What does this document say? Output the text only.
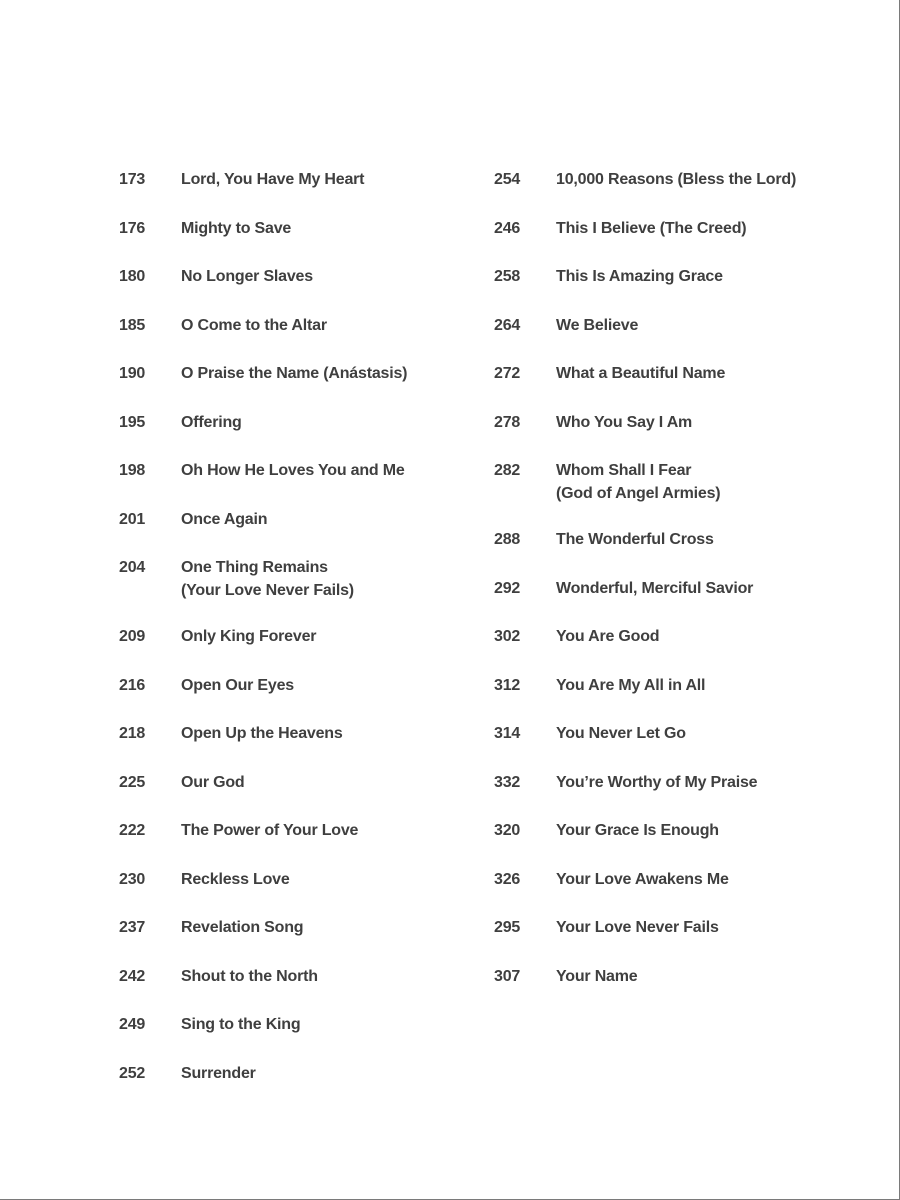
173	Lord, You Have My Heart
176	Mighty to Save
180	No Longer Slaves
185	O Come to the Altar
190	O Praise the Name (Anástasis)
195	Offering
198	Oh How He Loves You and Me
201	Once Again
204	One Thing Remains
(Your Love Never Fails)
209	Only King Forever
216	Open Our Eyes
218	Open Up the Heavens
225	Our God
222	The Power of Your Love
230	Reckless Love
237	Revelation Song
242	Shout to the North
249	Sing to the King
252	Surrender
254	10,000 Reasons (Bless the Lord)
246	This I Believe (The Creed)
258	This Is Amazing Grace
264	We Believe
272	What a Beautiful Name
278	Who You Say I Am
282	Whom Shall I Fear
(God of Angel Armies)
288	The Wonderful Cross
292	Wonderful, Merciful Savior
302	You Are Good
312	You Are My All in All
314	You Never Let Go
332	You’re Worthy of My Praise
320	Your Grace Is Enough
326	Your Love Awakens Me
295	Your Love Never Fails
307	Your Name
